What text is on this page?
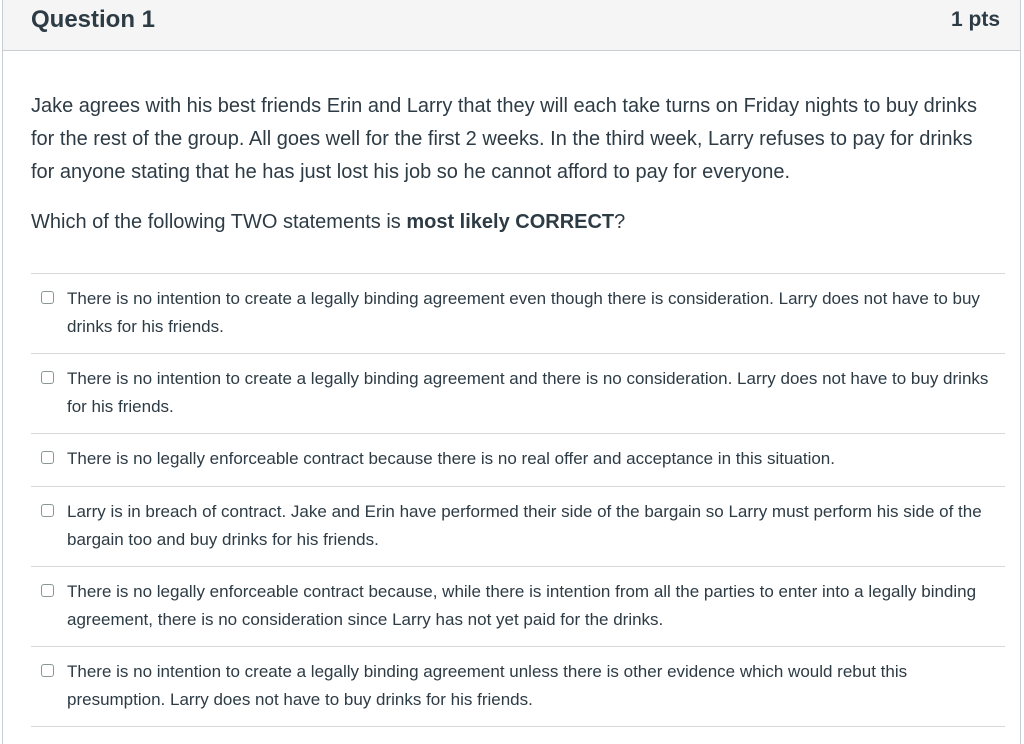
Question 1	1 pts

Jake agrees with his best friends Erin and Larry that they will each take turns on Friday nights to buy drinks for the rest of the group. All goes well for the first 2 weeks. In the third week, Larry refuses to pay for drinks for anyone stating that he has just lost his job so he cannot afford to pay for everyone.

Which of the following TWO statements is most likely CORRECT?

There is no intention to create a legally binding agreement even though there is consideration. Larry does not have to buy drinks for his friends.
There is no intention to create a legally binding agreement and there is no consideration. Larry does not have to buy drinks for his friends.
There is no legally enforceable contract because there is no real offer and acceptance in this situation.
Larry is in breach of contract. Jake and Erin have performed their side of the bargain so Larry must perform his side of the bargain too and buy drinks for his friends.
There is no legally enforceable contract because, while there is intention from all the parties to enter into a legally binding agreement, there is no consideration since Larry has not yet paid for the drinks.
There is no intention to create a legally binding agreement unless there is other evidence which would rebut this presumption. Larry does not have to buy drinks for his friends.
